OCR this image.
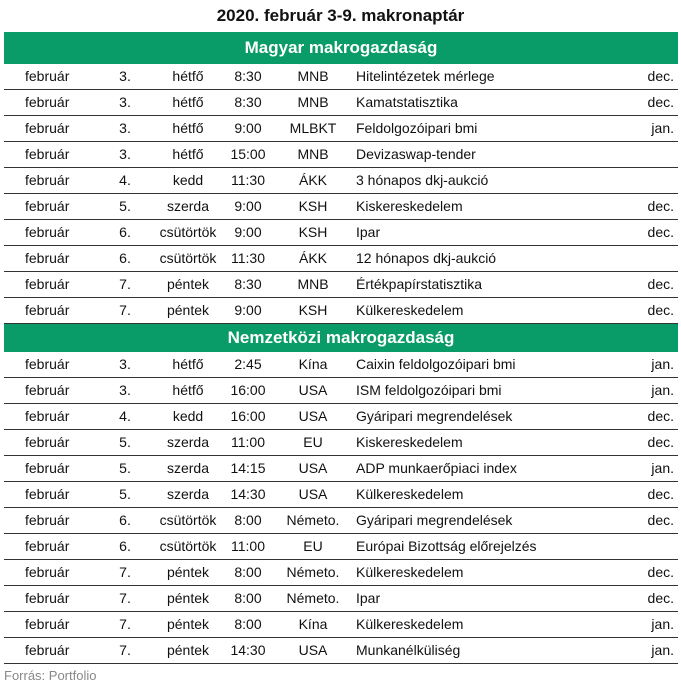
2020. február 3-9. makronaptár
Magyar makrogazdaság
február	3.	hétfő	8:30	MNB	Hitelintézetek mérlege	dec.
február	3.	hétfő	8:30	MNB	Kamatstatisztika	dec.
február	3.	hétfő	9:00	MLBKT	Feldolgozóipari bmi	jan.
február	3.	hétfő	15:00	MNB	Devizaswap-tender
február	4.	kedd	11:30	ÁKK	3 hónapos dkj-aukció
február	5.	szerda	9:00	KSH	Kiskereskedelem	dec.
február	6.	csütörtök	9:00	KSH	Ipar	dec.
február	6.	csütörtök	11:30	ÁKK	12 hónapos dkj-aukció
február	7.	péntek	8:30	MNB	Értékpapírstatisztika	dec.
február	7.	péntek	9:00	KSH	Külkereskedelem	dec.
Nemzetközi makrogazdaság
február	3.	hétfő	2:45	Kína	Caixin feldolgozóipari bmi	jan.
február	3.	hétfő	16:00	USA	ISM feldolgozóipari bmi	jan.
február	4.	kedd	16:00	USA	Gyáripari megrendelések	dec.
február	5.	szerda	11:00	EU	Kiskereskedelem	dec.
február	5.	szerda	14:15	USA	ADP munkaerőpiaci index	jan.
február	5.	szerda	14:30	USA	Külkereskedelem	dec.
február	6.	csütörtök	8:00	Németo.	Gyáripari megrendelések	dec.
február	6.	csütörtök	11:00	EU	Európai Bizottság előrejelzés
február	7.	péntek	8:00	Németo.	Külkereskedelem	dec.
február	7.	péntek	8:00	Németo.	Ipar	dec.
február	7.	péntek	8:00	Kína	Külkereskedelem	jan.
február	7.	péntek	14:30	USA	Munkanélküliség	jan.
Forrás: Portfolio
